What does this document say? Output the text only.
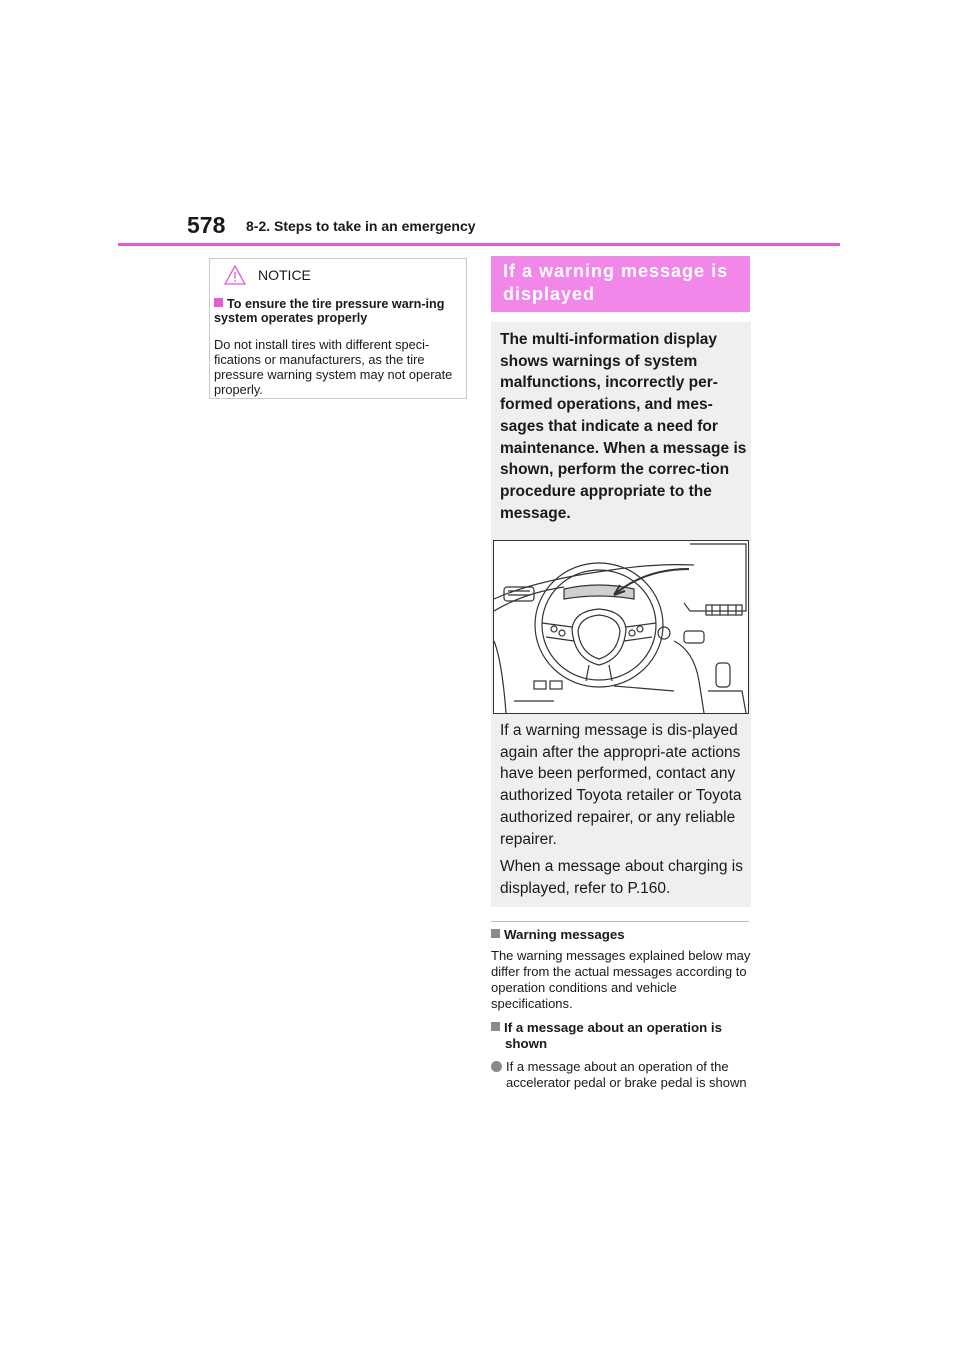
578 8-2. Steps to take in an emergency
NOTICE
To ensure the tire pressure warn-ing system operates properly
Do not install tires with different speci-fications or manufacturers, as the tire pressure warning system may not operate properly.
If a warning message is displayed
The multi-information display shows warnings of system malfunctions, incorrectly per-formed operations, and mes-sages that indicate a need for maintenance. When a message is shown, perform the correc-tion procedure appropriate to the message.
If a warning message is dis-played again after the appropri-ate actions have been performed, contact any authorized Toyota retailer or Toyota authorized repairer, or any reliable repairer.
When a message about charging is displayed, refer to P.160.
Warning messages
The warning messages explained below may differ from the actual messages according to operation conditions and vehicle specifications.
If a message about an operation is shown
If a message about an operation of the accelerator pedal or brake pedal is shown
